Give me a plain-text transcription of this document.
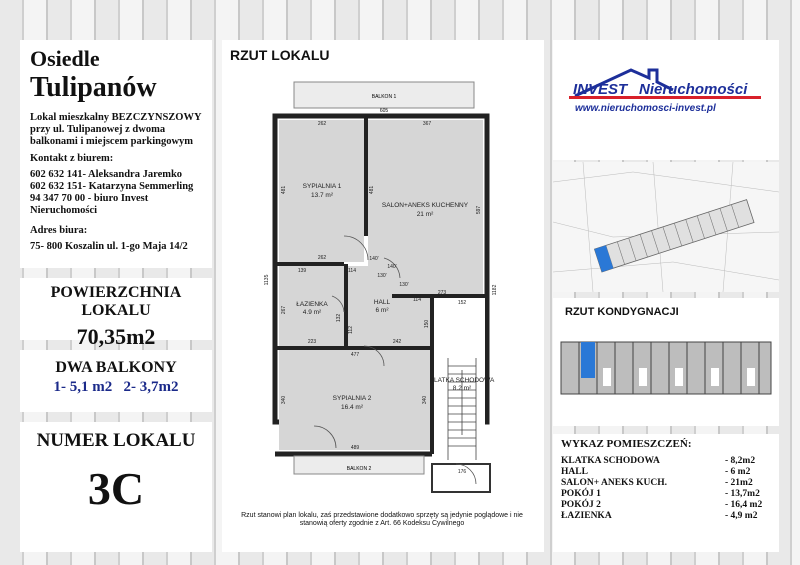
Osiedle
Tulipanów
Lokal mieszkalny BEZCZYNSZOWY przy ul. Tulipanowej z dwoma balkonami i miejscem parkingowym
Kontakt z biurem:
602 632 141- Aleksandra Jaremko
602 632 151- Katarzyna Semmerling
94 347 70 00 - biuro Invest Nieruchomości
Adres biura:
75- 800 Koszalin ul. 1-go Maja 14/2
POWIERZCHNIA LOKALU
70,35m2
DWA BALKONY
1- 5,1 m2   2- 3,7m2
NUMER LOKALU
3C
RZUT LOKALU
BALKON 1
605
BALKON 2
SYPIALNIA 1
13.7 m²
SALON+ANEKS KUCHENNY
21 m²
ŁAZIENKA
4.9 m²
HALL
6 m²
SYPIALNIA 2
16.4 m²
KLATKA SCHODOWA
8.2 m²
262	367
481	481
597
262
114
139
114
273
152
267
132
112
1135
1182
150
223	242
477
340	340
489
176
140'
130'
130'
140'
Rzut stanowi plan lokalu, zaś przedstawione dodatkowo sprzęty są jedynie poglądowe i nie stanowią oferty zgodnie z Art. 66 Kodeksu Cywilnego
INVEST Nieruchomości
www.nieruchomosci-invest.pl
RZUT KONDYGNACJI
WYKAZ POMIESZCZEŃ:
KLATKA SCHODOWA	- 8,2m2
HALL	- 6 m2
SALON+ ANEKS KUCH.	- 21m2
POKÓJ 1	- 13,7m2
POKÓJ 2	- 16,4 m2
ŁAZIENKA	- 4,9 m2
